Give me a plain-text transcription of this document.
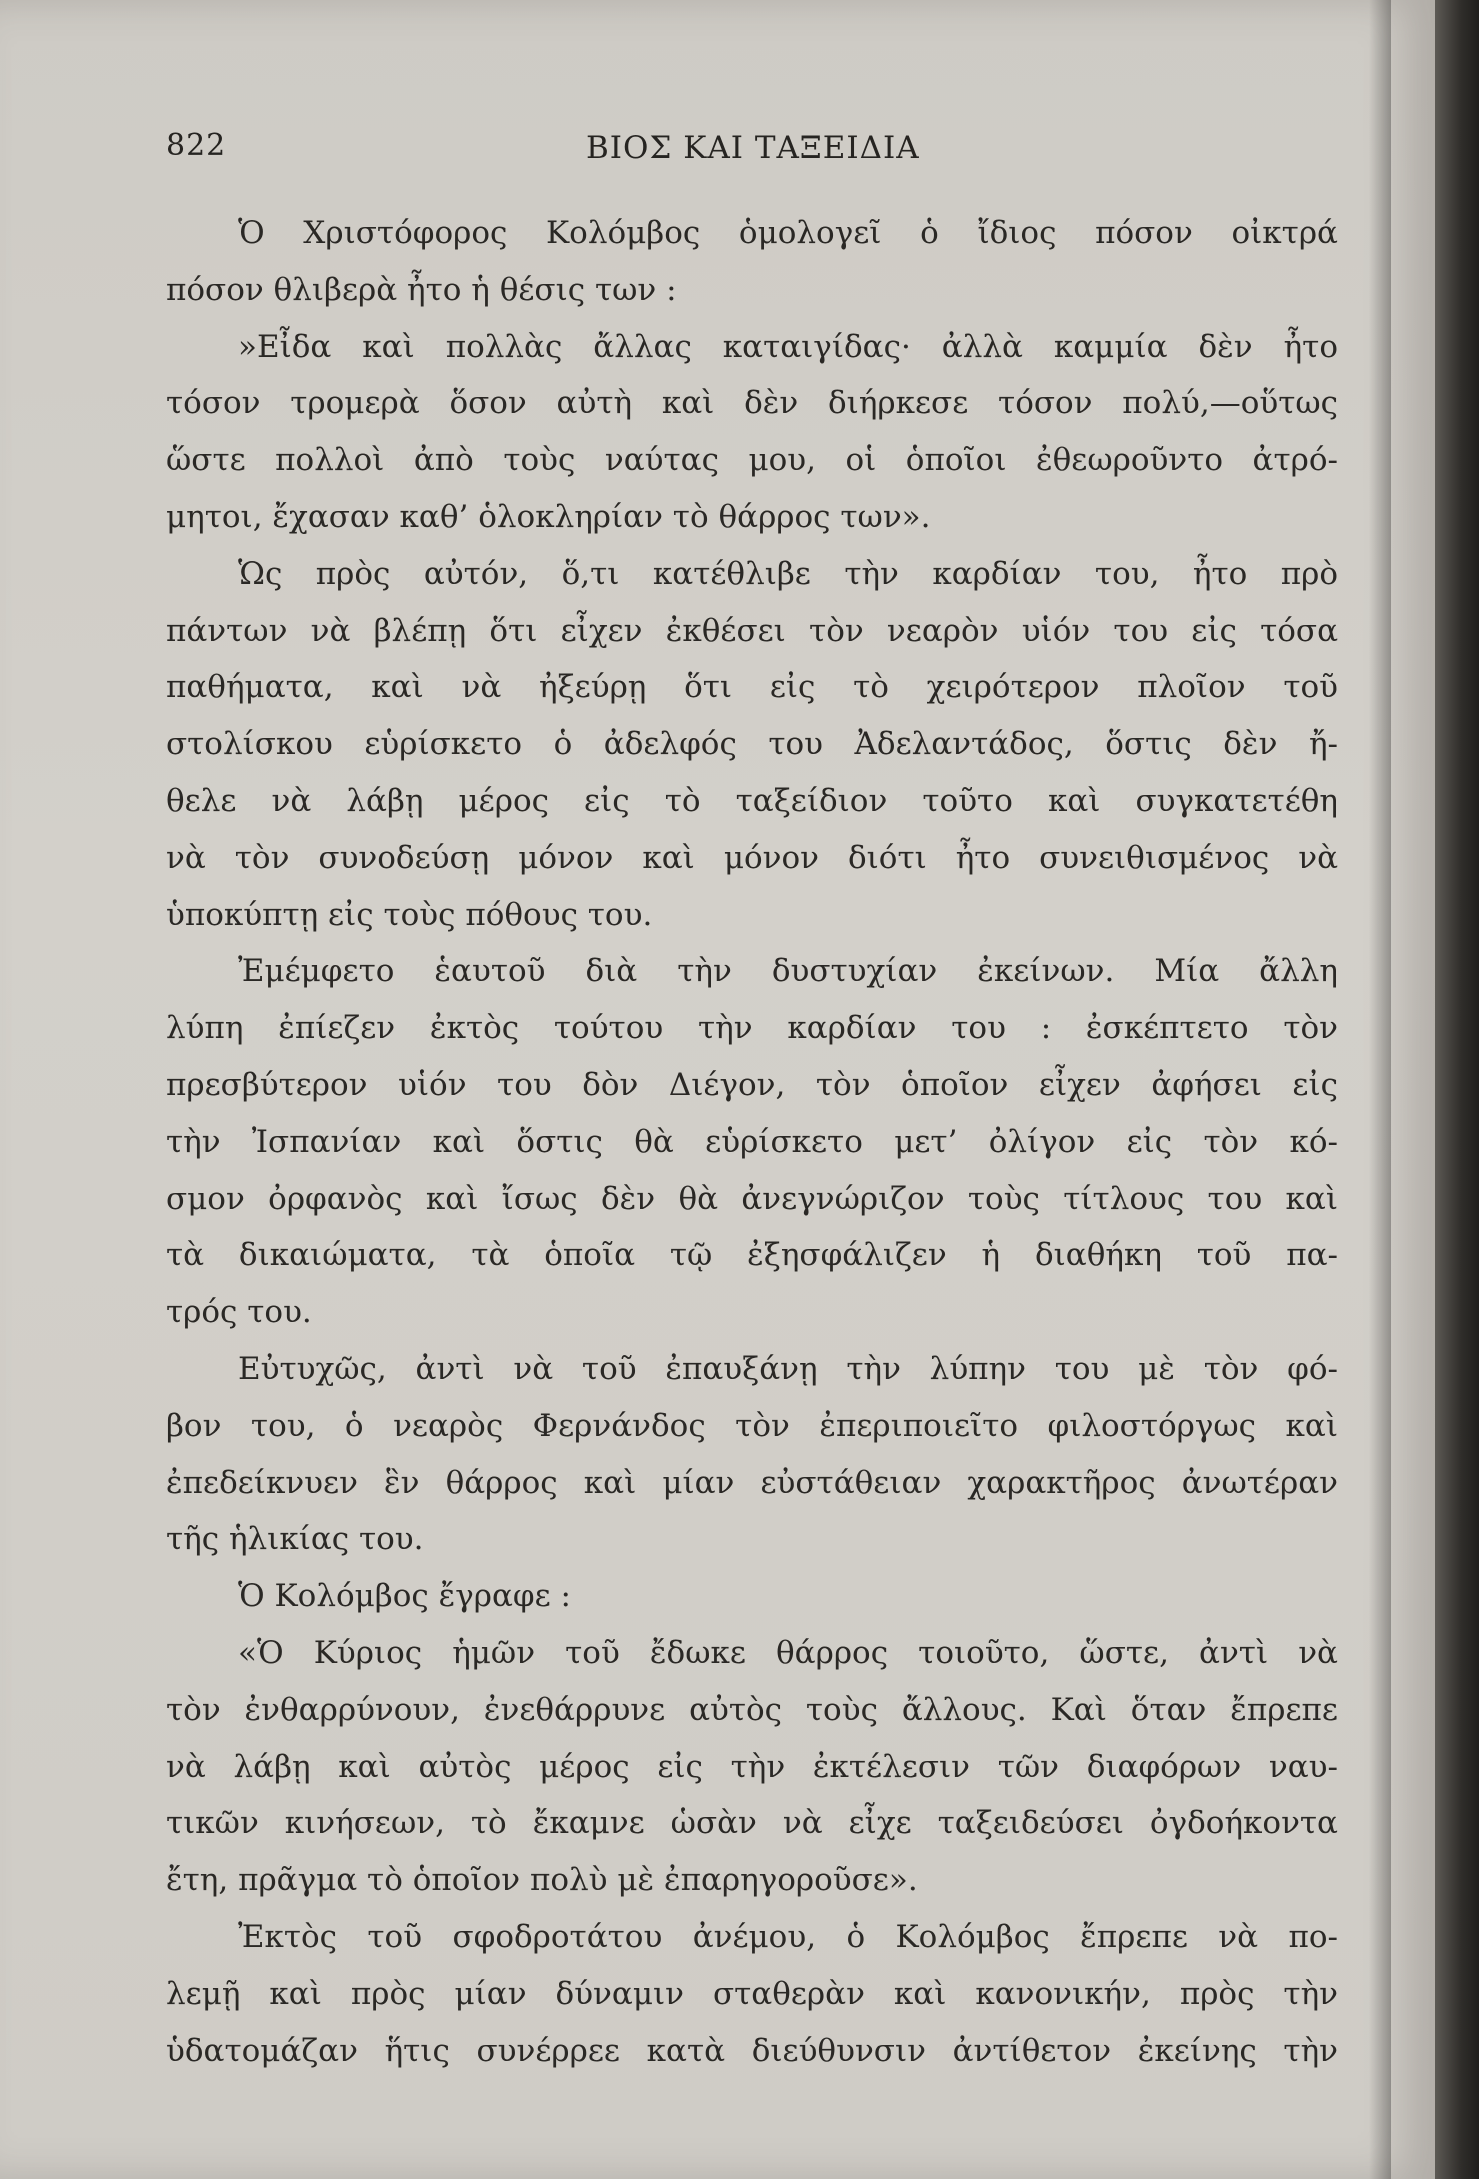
822	ΒΙΟΣ ΚΑΙ ΤΑΞΕΙΔΙΑ
Ὁ Χριστόφορος Κολόμβος ὁμολογεῖ ὁ ἴδιος πόσον οἰκτρά
πόσον θλιβερὰ ἦτο ἡ θέσις των :
»Εἶδα καὶ πολλὰς ἄλλας καταιγίδας· ἀλλὰ καμμία δὲν ἦτο
τόσον τρομερὰ ὅσον αὐτὴ καὶ δὲν διήρκεσε τόσον πολύ,—οὕτως
ὥστε πολλοὶ ἀπὸ τοὺς ναύτας μου, οἱ ὁποῖοι ἐθεωροῦντο ἀτρό-
μητοι, ἔχασαν καθ’ ὁλοκληρίαν τὸ θάρρος των».
Ὡς πρὸς αὐτόν, ὅ,τι κατέθλιβε τὴν καρδίαν του, ἦτο πρὸ
πάντων νὰ βλέπῃ ὅτι εἶχεν ἐκθέσει τὸν νεαρὸν υἱόν του εἰς τόσα
παθήματα, καὶ νὰ ἠξεύρῃ ὅτι εἰς τὸ χειρότερον πλοῖον τοῦ
στολίσκου εὑρίσκετο ὁ ἀδελφός του Ἀδελαντάδος, ὅστις δὲν ἤ-
θελε νὰ λάβῃ μέρος εἰς τὸ ταξείδιον τοῦτο καὶ συγκατετέθη
νὰ τὸν συνοδεύσῃ μόνον καὶ μόνον διότι ἦτο συνειθισμένος νὰ
ὑποκύπτῃ εἰς τοὺς πόθους του.
Ἐμέμφετο ἑαυτοῦ διὰ τὴν δυστυχίαν ἐκείνων. Μία ἄλλη
λύπη ἐπίεζεν ἐκτὸς τούτου τὴν καρδίαν του : ἐσκέπτετο τὸν
πρεσβύτερον υἱόν του δὸν Διέγον, τὸν ὁποῖον εἶχεν ἀφήσει εἰς
τὴν Ἰσπανίαν καὶ ὅστις θὰ εὑρίσκετο μετ’ ὀλίγον εἰς τὸν κό-
σμον ὀρφανὸς καὶ ἴσως δὲν θὰ ἀνεγνώριζον τοὺς τίτλους του καὶ
τὰ δικαιώματα, τὰ ὁποῖα τῷ ἐξησφάλιζεν ἡ διαθήκη τοῦ πα-
τρός του.
Εὐτυχῶς, ἀντὶ νὰ τοῦ ἐπαυξάνῃ τὴν λύπην του μὲ τὸν φό-
βον του, ὁ νεαρὸς Φερνάνδος τὸν ἐπεριποιεῖτο φιλοστόργως καὶ
ἐπεδείκνυεν ἓν θάρρος καὶ μίαν εὐστάθειαν χαρακτῆρος ἀνωτέραν
τῆς ἡλικίας του.
Ὁ Κολόμβος ἔγραφε :
«Ὁ Κύριος ἡμῶν τοῦ ἔδωκε θάρρος τοιοῦτο, ὥστε, ἀντὶ νὰ
τὸν ἐνθαρρύνουν, ἐνεθάρρυνε αὐτὸς τοὺς ἄλλους. Καὶ ὅταν ἔπρεπε
νὰ λάβῃ καὶ αὐτὸς μέρος εἰς τὴν ἐκτέλεσιν τῶν διαφόρων ναυ-
τικῶν κινήσεων, τὸ ἔκαμνε ὡσὰν νὰ εἶχε ταξειδεύσει ὀγδοήκοντα
ἔτη, πρᾶγμα τὸ ὁποῖον πολὺ μὲ ἐπαρηγοροῦσε».
Ἐκτὸς τοῦ σφοδροτάτου ἀνέμου, ὁ Κολόμβος ἔπρεπε νὰ πο-
λεμῇ καὶ πρὸς μίαν δύναμιν σταθερὰν καὶ κανονικήν, πρὸς τὴν
ὑδατομάζαν ἥτις συνέρρεε κατὰ διεύθυνσιν ἀντίθετον ἐκείνης τὴν
